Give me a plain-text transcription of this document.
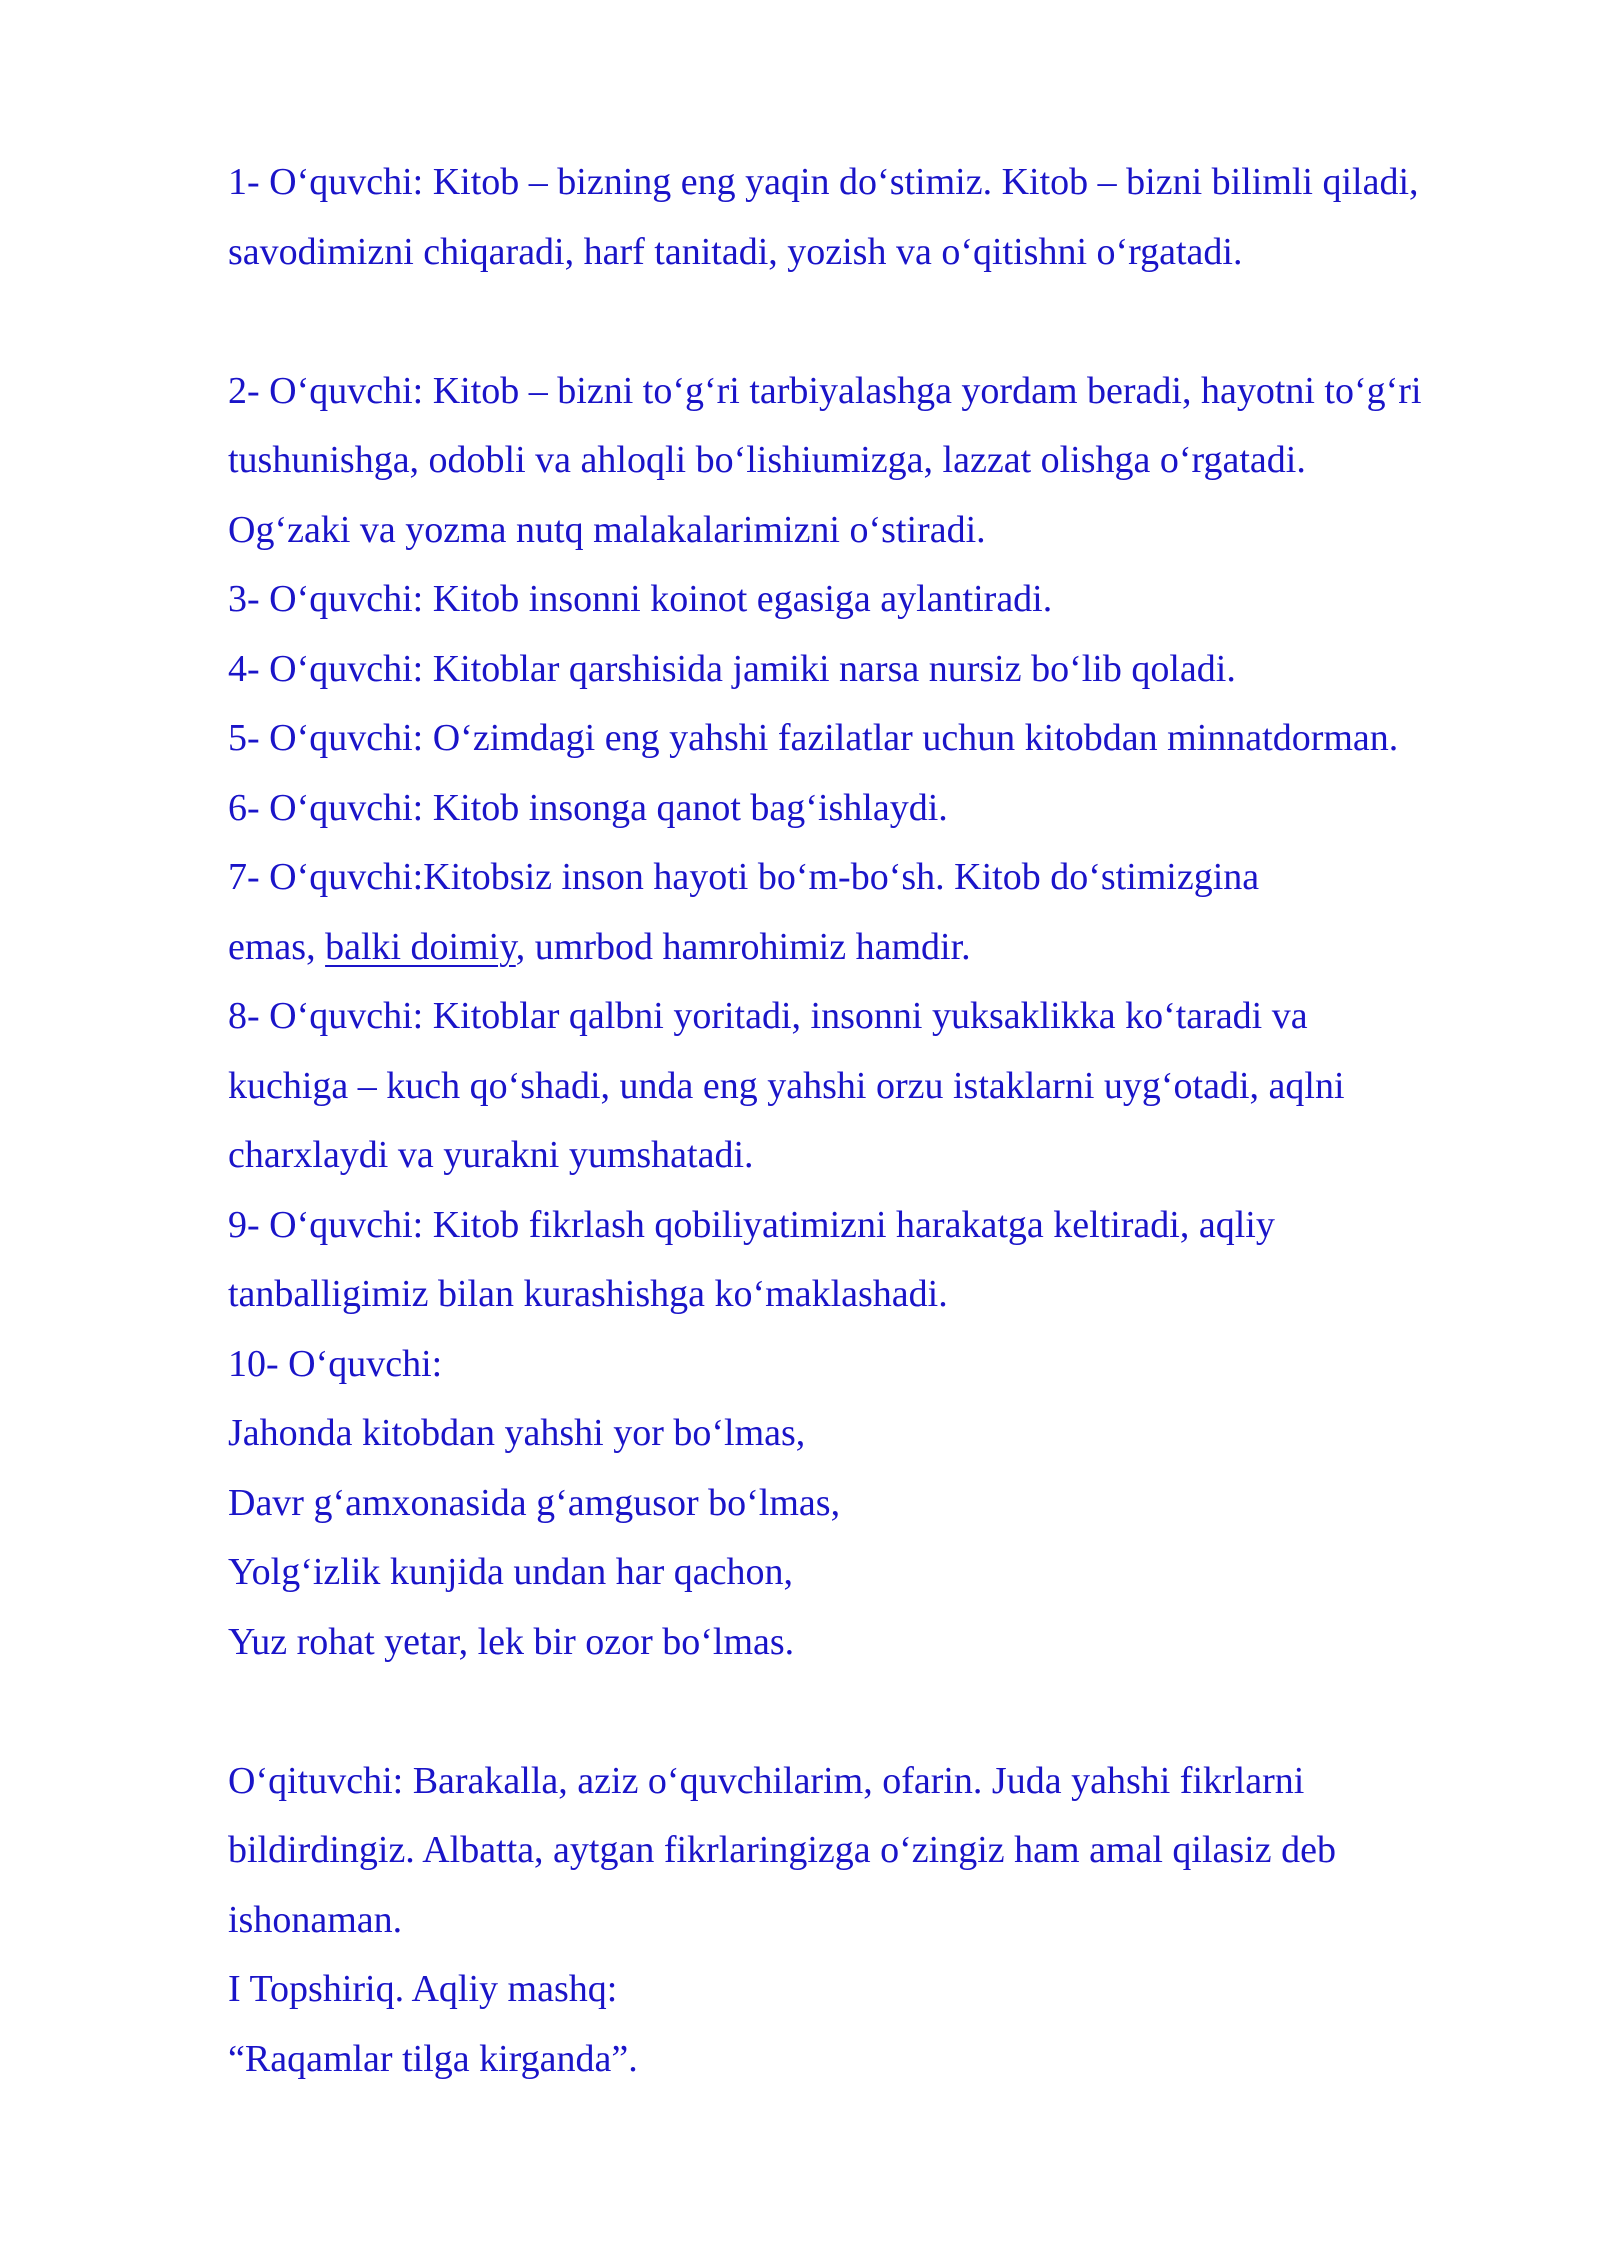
1- O‘quvchi: Kitob – bizning eng yaqin do‘stimiz. Kitob – bizni bilimli qiladi,
savodimizni chiqaradi, harf tanitadi, yozish va o‘qitishni o‘rgatadi.
2- O‘quvchi: Kitob – bizni to‘g‘ri tarbiyalashga yordam beradi, hayotni to‘g‘ri
tushunishga, odobli va ahloqli bo‘lishiumizga, lazzat olishga o‘rgatadi.
Og‘zaki va yozma nutq malakalarimizni o‘stiradi.
3- O‘quvchi: Kitob insonni koinot egasiga aylantiradi.
4- O‘quvchi: Kitoblar qarshisida jamiki narsa nursiz bo‘lib qoladi.
5- O‘quvchi: O‘zimdagi eng yahshi fazilatlar uchun kitobdan minnatdorman.
6- O‘quvchi: Kitob insonga qanot bag‘ishlaydi.
7- O‘quvchi:Kitobsiz inson hayoti bo‘m-bo‘sh. Kitob do‘stimizgina
emas, balki doimiy, umrbod hamrohimiz hamdir.
8- O‘quvchi: Kitoblar qalbni yoritadi, insonni yuksaklikka ko‘taradi va
kuchiga – kuch qo‘shadi, unda eng yahshi orzu istaklarni uyg‘otadi, aqlni
charxlaydi va yurakni yumshatadi.
9- O‘quvchi: Kitob fikrlash qobiliyatimizni harakatga keltiradi, aqliy
tanballigimiz bilan kurashishga ko‘maklashadi.
10- O‘quvchi:
Jahonda kitobdan yahshi yor bo‘lmas,
Davr g‘amxonasida g‘amgusor bo‘lmas,
Yolg‘izlik kunjida undan har qachon,
Yuz rohat yetar, lek bir ozor bo‘lmas.
O‘qituvchi: Barakalla, aziz o‘quvchilarim, ofarin. Juda yahshi fikrlarni
bildirdingiz. Albatta, aytgan fikrlaringizga o‘zingiz ham amal qilasiz deb
ishonaman.
I Topshiriq. Aqliy mashq:
“Raqamlar tilga kirganda”.
